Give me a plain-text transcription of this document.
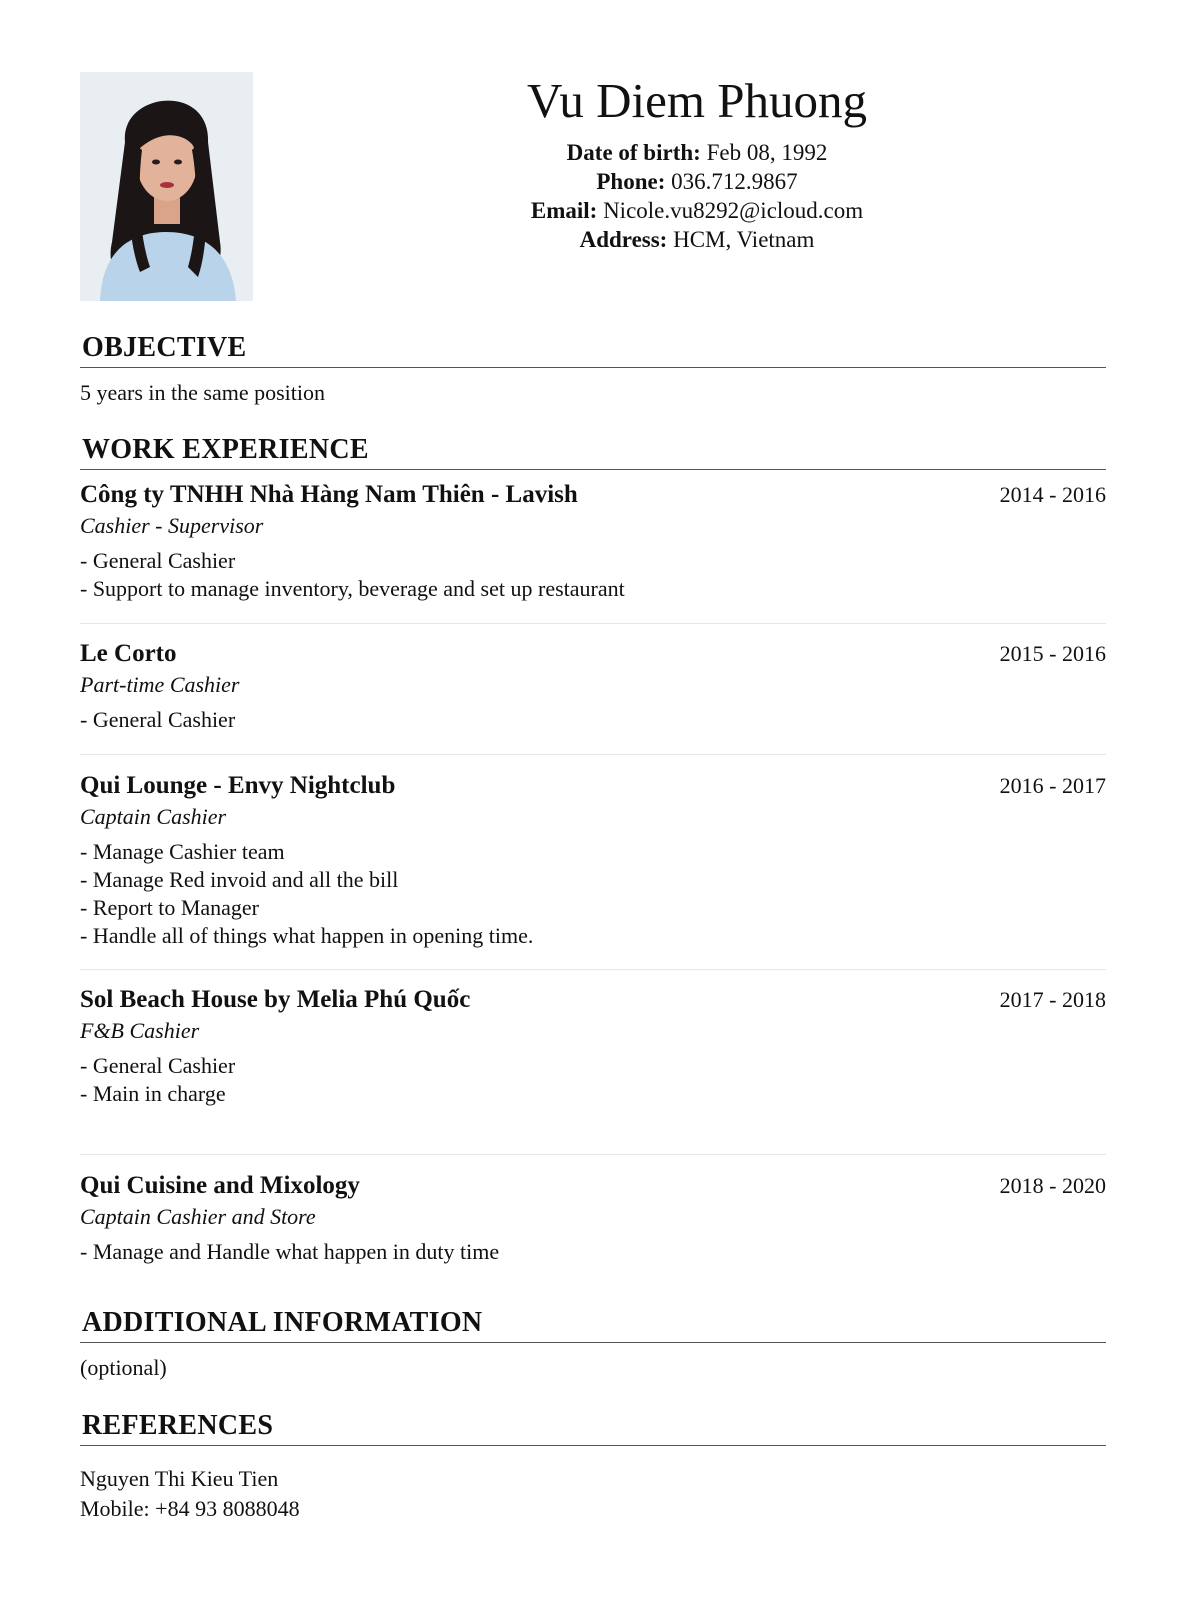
Vu Diem Phuong
Date of birth: Feb 08, 1992
Phone: 036.712.9867
Email: Nicole.vu8292@icloud.com
Address: HCM, Vietnam
OBJECTIVE
5 years in the same position
WORK EXPERIENCE
Công ty TNHH Nhà Hàng Nam Thiên - Lavish	2014 - 2016
Cashier - Supervisor
- General Cashier
- Support to manage inventory, beverage and set up restaurant
Le Corto	2015 - 2016
Part-time Cashier
- General Cashier
Qui Lounge - Envy Nightclub	2016 - 2017
Captain Cashier
- Manage Cashier team
- Manage Red invoid and all the bill
- Report to Manager
- Handle all of things what happen in opening time.
Sol Beach House by Melia Phú Quốc	2017 - 2018
F&B Cashier
- General Cashier
- Main in charge
Qui Cuisine and Mixology	2018 - 2020
Captain Cashier and Store
- Manage and Handle what happen in duty time
ADDITIONAL INFORMATION
(optional)
REFERENCES
Nguyen Thi Kieu Tien
Mobile: +84 93 8088048
